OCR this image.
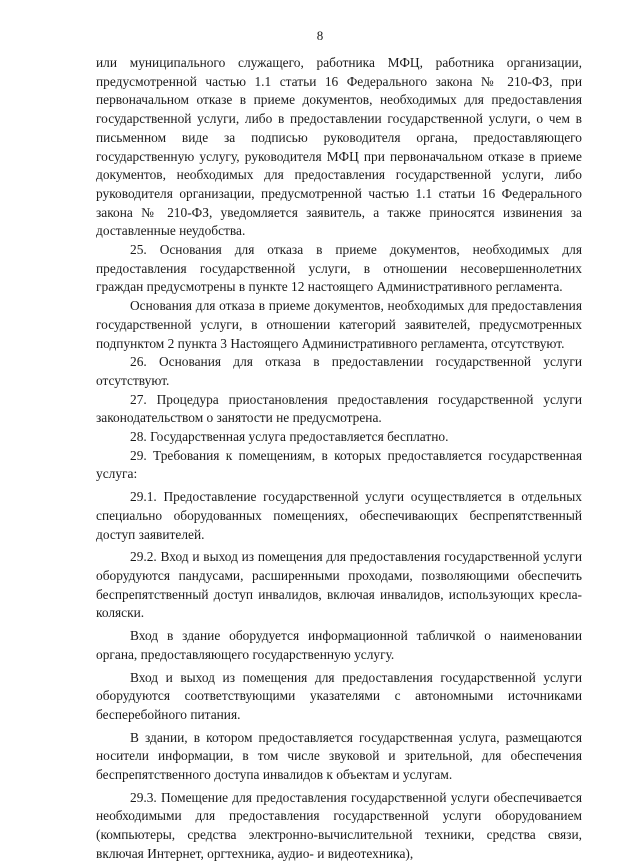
8

или муниципального служащего, работника МФЦ, работника организации, предусмотренной частью 1.1 статьи 16 Федерального закона № 210-ФЗ, при первоначальном отказе в приеме документов, необходимых для предоставления государственной услуги, либо в предоставлении государственной услуги, о чем в письменном виде за подписью руководителя органа, предоставляющего государственную услугу, руководителя МФЦ при первоначальном отказе в приеме документов, необходимых для предоставления государственной услуги, либо руководителя организации, предусмотренной частью 1.1 статьи 16 Федерального закона № 210-ФЗ, уведомляется заявитель, а также приносятся извинения за доставленные неудобства.

25. Основания для отказа в приеме документов, необходимых для предоставления государственной услуги, в отношении несовершеннолетних граждан предусмотрены в пункте 12 настоящего Административного регламента.

Основания для отказа в приеме документов, необходимых для предоставления государственной услуги, в отношении категорий заявителей, предусмотренных подпунктом 2 пункта 3 Настоящего Административного регламента, отсутствуют.

26. Основания для отказа в предоставлении государственной услуги отсутствуют.

27. Процедура приостановления предоставления государственной услуги законодательством о занятости не предусмотрена.

28. Государственная услуга предоставляется бесплатно.

29. Требования к помещениям, в которых предоставляется государственная услуга:

29.1. Предоставление государственной услуги осуществляется в отдельных специально оборудованных помещениях, обеспечивающих беспрепятственный доступ заявителей.

29.2. Вход и выход из помещения для предоставления государственной услуги оборудуются пандусами, расширенными проходами, позволяющими обеспечить беспрепятственный доступ инвалидов, включая инвалидов, использующих кресла-коляски.

Вход в здание оборудуется информационной табличкой о наименовании органа, предоставляющего государственную услугу.

Вход и выход из помещения для предоставления государственной услуги оборудуются соответствующими указателями с автономными источниками бесперебойного питания.

В здании, в котором предоставляется государственная услуга, размещаются носители информации, в том числе звуковой и зрительной, для обеспечения беспрепятственного доступа инвалидов к объектам и услугам.

29.3. Помещение для предоставления государственной услуги обеспечивается необходимыми для предоставления государственной услуги оборудованием (компьютеры, средства электронно-вычислительной техники, средства связи, включая Интернет, оргтехника, аудио- и видеотехника),
